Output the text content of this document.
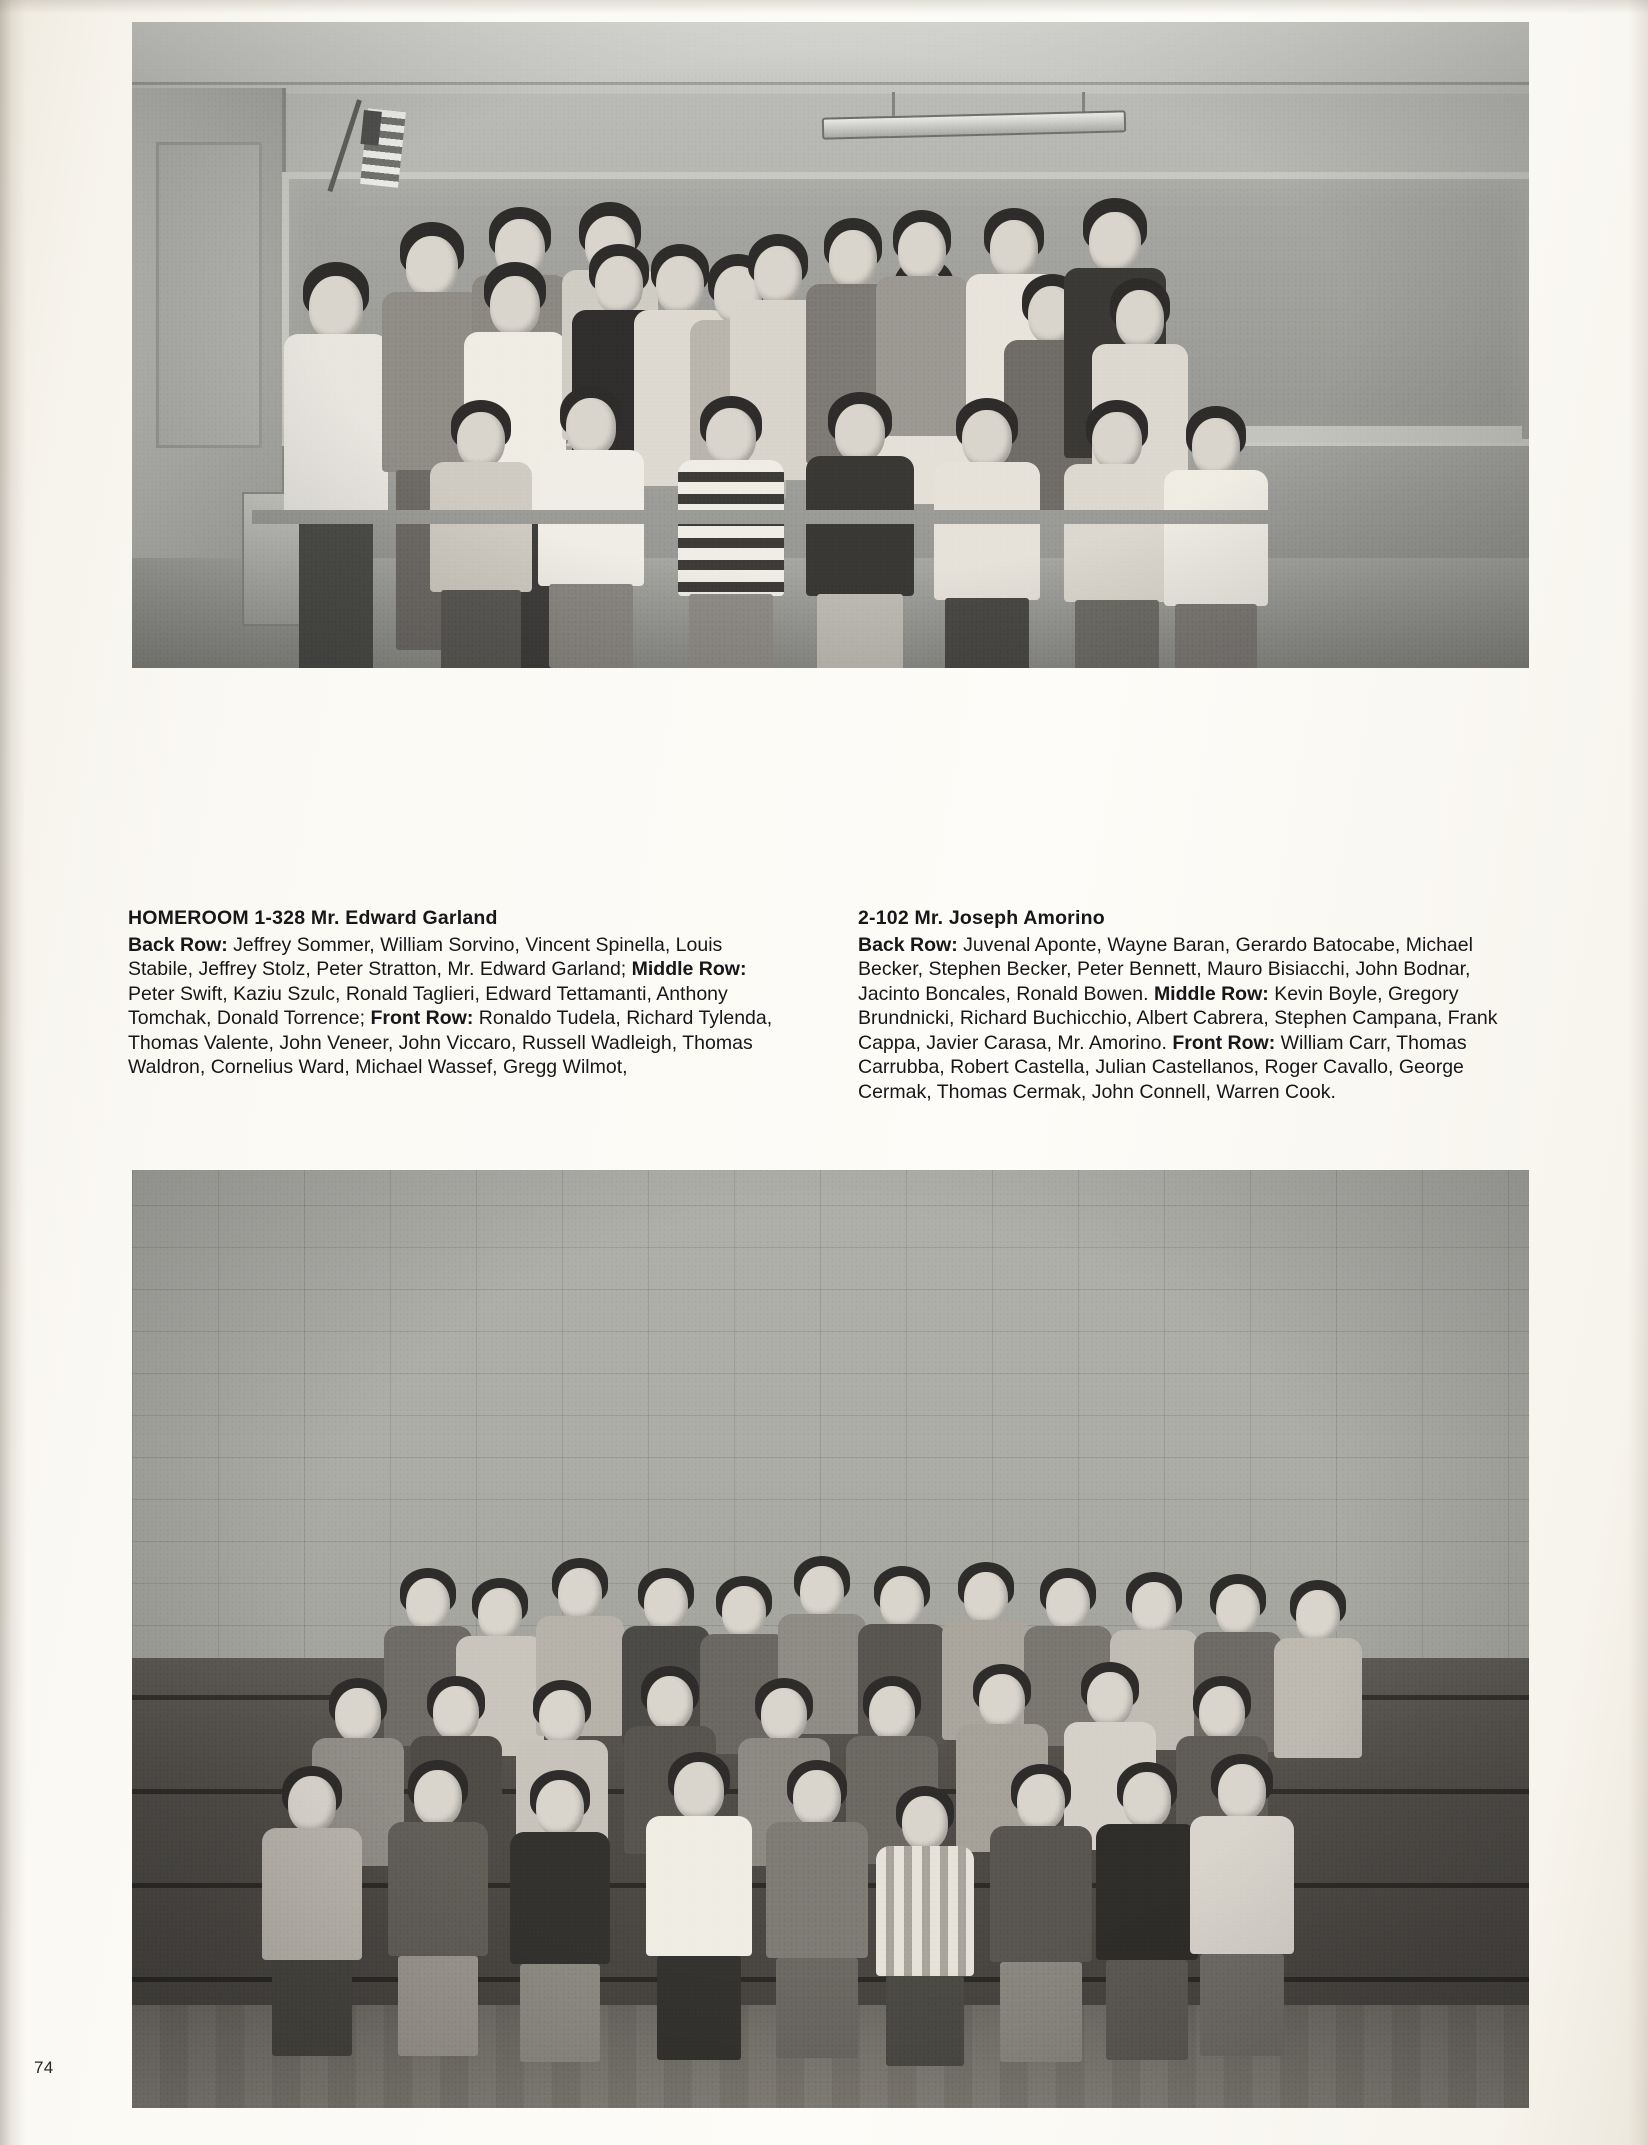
HOMEROOM 1-328 Mr. Edward Garland
Back Row: Jeffrey Sommer, William Sorvino, Vincent Spinella, Louis Stabile, Jeffrey Stolz, Peter Stratton, Mr. Edward Garland; Middle Row: Peter Swift, Kaziu Szulc, Ronald Taglieri, Edward Tettamanti, Anthony Tomchak, Donald Torrence; Front Row: Ronaldo Tudela, Richard Tylenda, Thomas Valente, John Veneer, John Viccaro, Russell Wadleigh, Thomas Waldron, Cornelius Ward, Michael Wassef, Gregg Wilmot,
2-102 Mr. Joseph Amorino
Back Row: Juvenal Aponte, Wayne Baran, Gerardo Batocabe, Michael Becker, Stephen Becker, Peter Bennett, Mauro Bisiacchi, John Bodnar, Jacinto Boncales, Ronald Bowen. Middle Row: Kevin Boyle, Gregory Brundnicki, Richard Buchicchio, Albert Cabrera, Stephen Campana, Frank Cappa, Javier Carasa, Mr. Amorino. Front Row: William Carr, Thomas Carrubba, Robert Castella, Julian Castellanos, Roger Cavallo, George Cermak, Thomas Cermak, John Connell, Warren Cook.
74
